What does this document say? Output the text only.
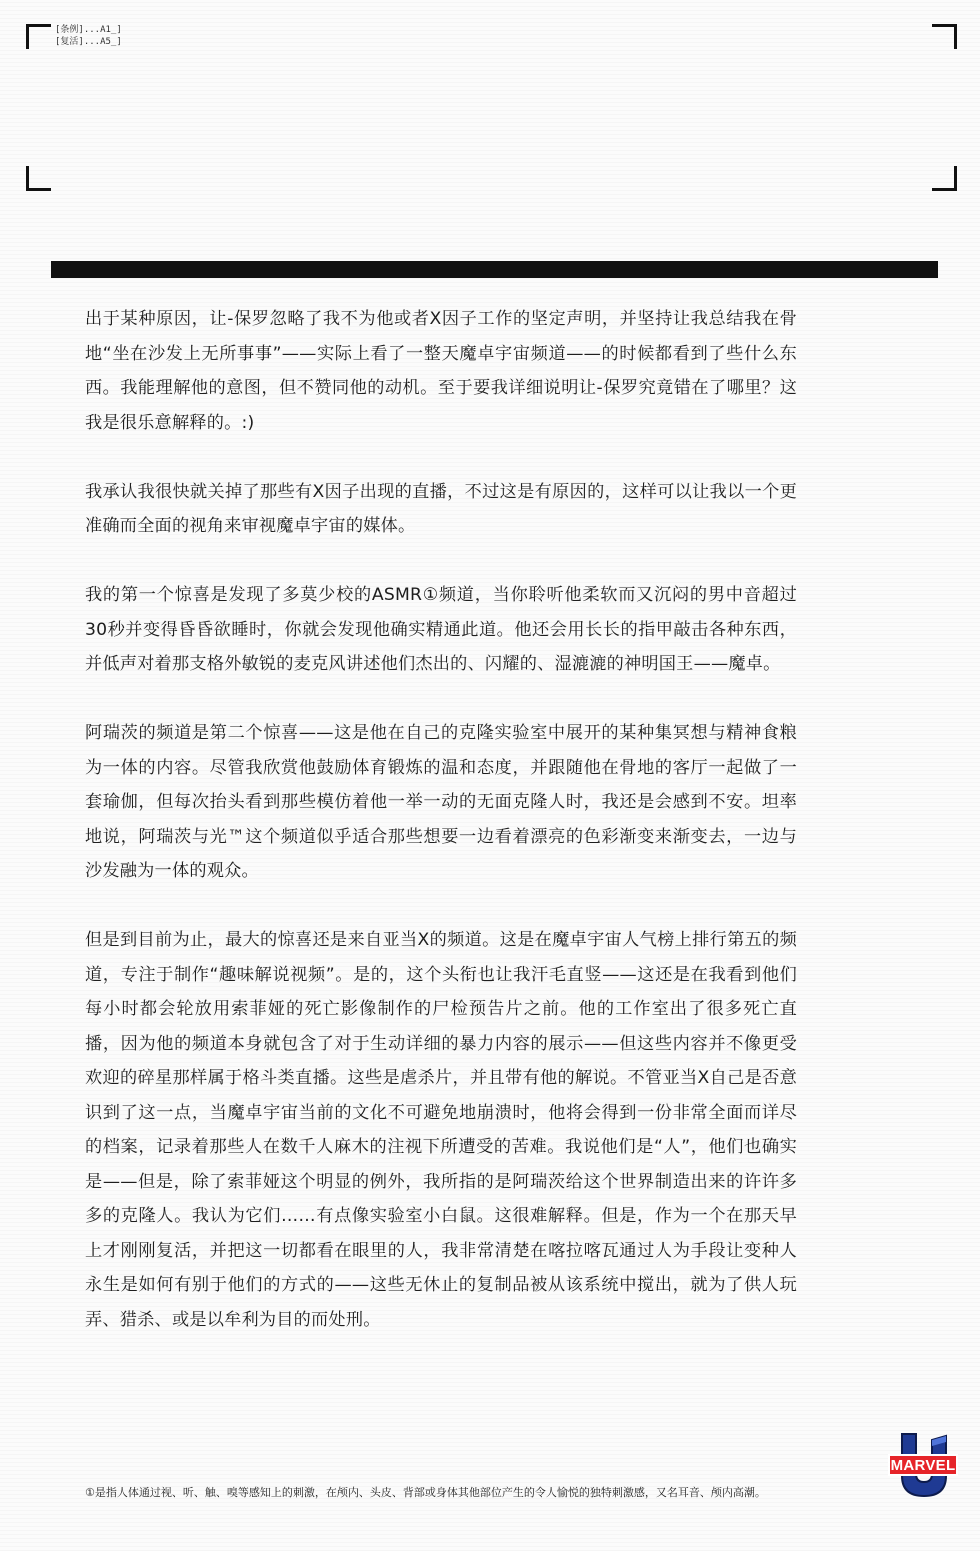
[条例]...A1_]
[复活]...A5_]

出于某种原因，让-保罗忽略了我不为他或者X因子工作的坚定声明，并坚持让我总结我在骨地“坐在沙发上无所事事”——实际上看了一整天魔卓宇宙频道——的时候都看到了些什么东西。我能理解他的意图，但不赞同他的动机。至于要我详细说明让-保罗究竟错在了哪里？这我是很乐意解释的。:)

我承认我很快就关掉了那些有X因子出现的直播，不过这是有原因的，这样可以让我以一个更准确而全面的视角来审视魔卓宇宙的媒体。

我的第一个惊喜是发现了多莫少校的ASMR①频道，当你聆听他柔软而又沉闷的男中音超过30秒并变得昏昏欲睡时，你就会发现他确实精通此道。他还会用长长的指甲敲击各种东西，并低声对着那支格外敏锐的麦克风讲述他们杰出的、闪耀的、湿漉漉的神明国王——魔卓。

阿瑞茨的频道是第二个惊喜——这是他在自己的克隆实验室中展开的某种集冥想与精神食粮为一体的内容。尽管我欣赏他鼓励体育锻炼的温和态度，并跟随他在骨地的客厅一起做了一套瑜伽，但每次抬头看到那些模仿着他一举一动的无面克隆人时，我还是会感到不安。坦率地说，阿瑞茨与光™这个频道似乎适合那些想要一边看着漂亮的色彩渐变来渐变去，一边与沙发融为一体的观众。

但是到目前为止，最大的惊喜还是来自亚当X的频道。这是在魔卓宇宙人气榜上排行第五的频道，专注于制作“趣味解说视频”。是的，这个头衔也让我汗毛直竖——这还是在我看到他们每小时都会轮放用索菲娅的死亡影像制作的尸检预告片之前。他的工作室出了很多死亡直播，因为他的频道本身就包含了对于生动详细的暴力内容的展示——但这些内容并不像更受欢迎的碎星那样属于格斗类直播。这些是虐杀片，并且带有他的解说。不管亚当X自己是否意识到了这一点，当魔卓宇宙当前的文化不可避免地崩溃时，他将会得到一份非常全面而详尽的档案，记录着那些人在数千人麻木的注视下所遭受的苦难。我说他们是“人”，他们也确实是——但是，除了索菲娅这个明显的例外，我所指的是阿瑞茨给这个世界制造出来的许许多多的克隆人。我认为它们……有点像实验室小白鼠。这很难解释。但是，作为一个在那天早上才刚刚复活，并把这一切都看在眼里的人，我非常清楚在喀拉喀瓦通过人为手段让变种人永生是如何有别于他们的方式的——这些无休止的复制品被从该系统中搅出，就为了供人玩弄、猎杀、或是以牟利为目的而处刑。

①是指人体通过视、听、触、嗅等感知上的刺激，在颅内、头皮、背部或身体其他部位产生的令人愉悦的独特刺激感，又名耳音、颅内高潮。
MARVEL
